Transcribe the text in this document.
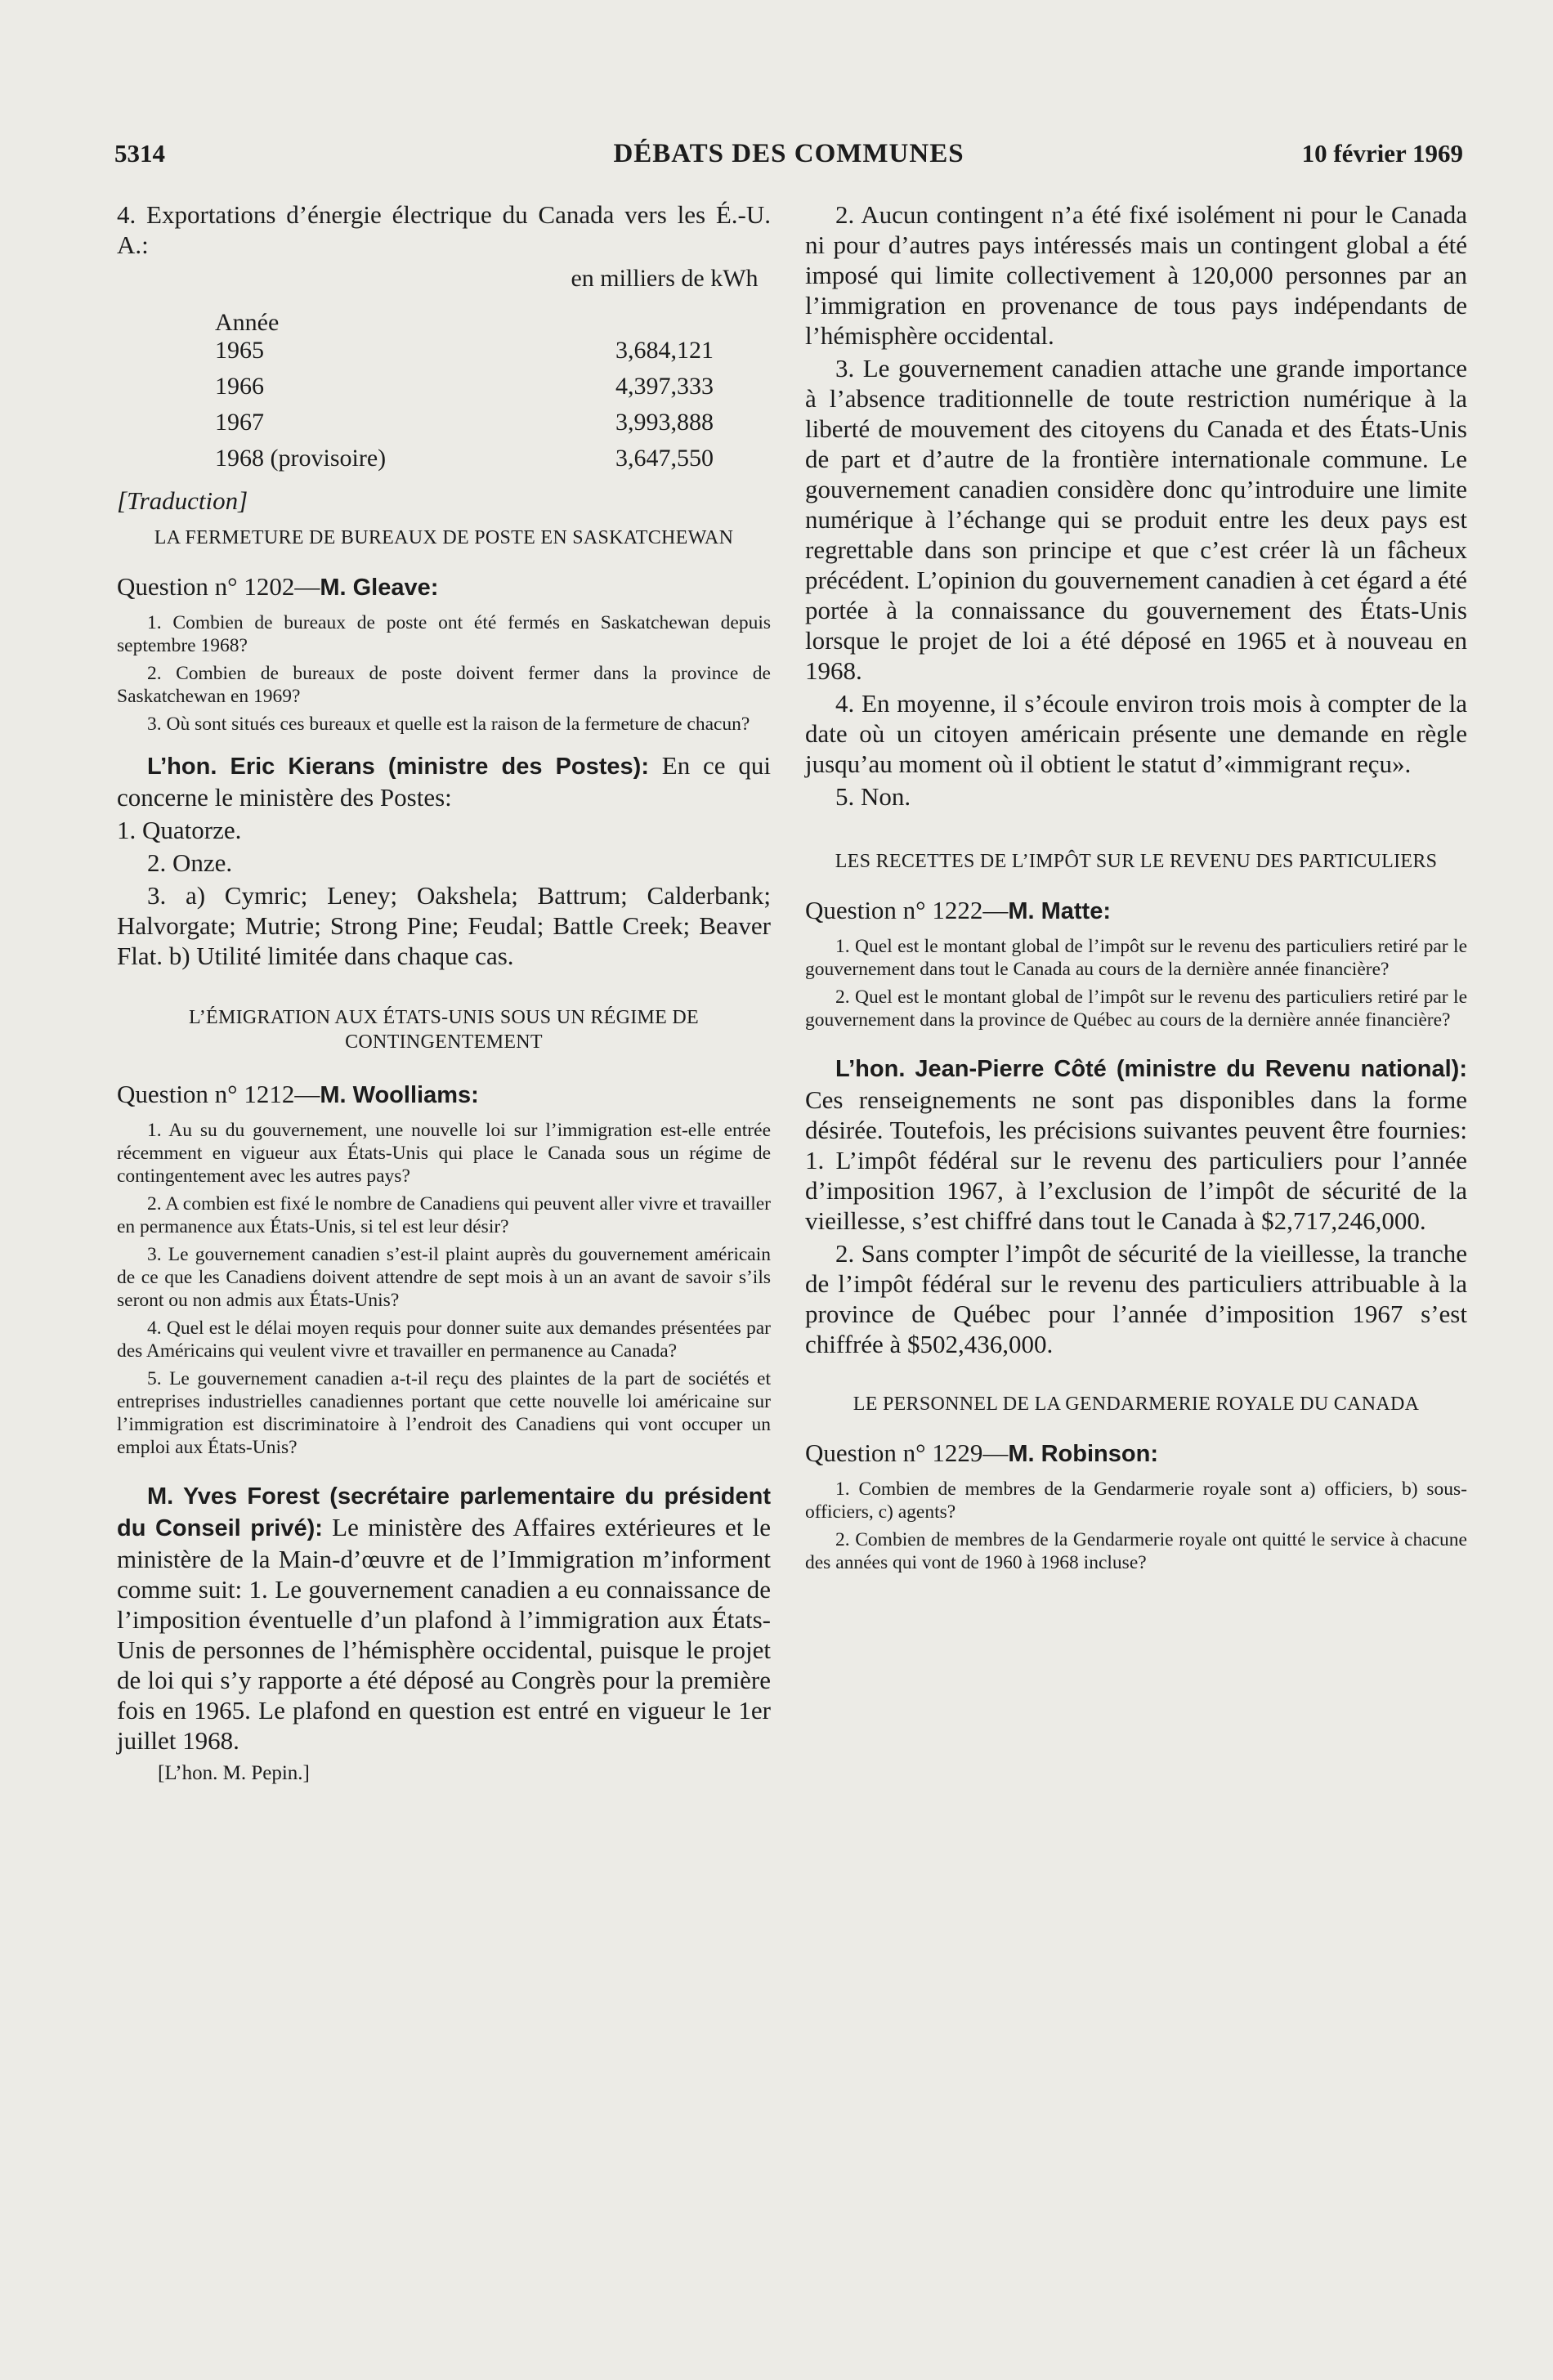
5314	DÉBATS DES COMMUNES	10 février 1969

4. Exportations d’énergie électrique du Canada vers les É.-U. A.:

		en milliers de kWh
	Année	
	1965	3,684,121
	1966	4,397,333
	1967	3,993,888
	1968 (provisoire)	3,647,550

[Traduction]

LA FERMETURE DE BUREAUX DE POSTE EN SASKATCHEWAN

Question n° 1202—M. Gleave:

1. Combien de bureaux de poste ont été fermés en Saskatchewan depuis septembre 1968?

2. Combien de bureaux de poste doivent fermer dans la province de Saskatchewan en 1969?

3. Où sont situés ces bureaux et quelle est la raison de la fermeture de chacun?

L’hon. Eric Kierans (ministre des Postes): En ce qui concerne le ministère des Postes:

1. Quatorze.

2. Onze.

3. a) Cymric; Leney; Oakshela; Battrum; Calderbank; Halvorgate; Mutrie; Strong Pine; Feudal; Battle Creek; Beaver Flat. b) Utilité limitée dans chaque cas.

L’ÉMIGRATION AUX ÉTATS-UNIS SOUS UN RÉGIME DE CONTINGENTEMENT

Question n° 1212—M. Woolliams:

1. Au su du gouvernement, une nouvelle loi sur l’immigration est-elle entrée récemment en vigueur aux États-Unis qui place le Canada sous un régime de contingentement avec les autres pays?

2. A combien est fixé le nombre de Canadiens qui peuvent aller vivre et travailler en permanence aux États-Unis, si tel est leur désir?

3. Le gouvernement canadien s’est-il plaint auprès du gouvernement américain de ce que les Canadiens doivent attendre de sept mois à un an avant de savoir s’ils seront ou non admis aux États-Unis?

4. Quel est le délai moyen requis pour donner suite aux demandes présentées par des Américains qui veulent vivre et travailler en permanence au Canada?

5. Le gouvernement canadien a-t-il reçu des plaintes de la part de sociétés et entreprises industrielles canadiennes portant que cette nouvelle loi américaine sur l’immigration est discriminatoire à l’endroit des Canadiens qui vont occuper un emploi aux États-Unis?

M. Yves Forest (secrétaire parlementaire du président du Conseil privé): Le ministère des Affaires extérieures et le ministère de la Main-d’œuvre et de l’Immigration m’informent comme suit: 1. Le gouvernement canadien a eu connaissance de l’imposition éventuelle d’un plafond à l’immigration aux États-Unis de personnes de l’hémisphère occidental, puisque le projet de loi qui s’y rapporte a été déposé au Congrès pour la première fois en 1965. Le plafond en question est entré en vigueur le 1er juillet 1968.

[L’hon. M. Pepin.]

2. Aucun contingent n’a été fixé isolément ni pour le Canada ni pour d’autres pays intéressés mais un contingent global a été imposé qui limite collectivement à 120,000 personnes par an l’immigration en provenance de tous pays indépendants de l’hémisphère occidental.

3. Le gouvernement canadien attache une grande importance à l’absence traditionnelle de toute restriction numérique à la liberté de mouvement des citoyens du Canada et des États-Unis de part et d’autre de la frontière internationale commune. Le gouvernement canadien considère donc qu’introduire une limite numérique à l’échange qui se produit entre les deux pays est regrettable dans son principe et que c’est créer là un fâcheux précédent. L’opinion du gouvernement canadien à cet égard a été portée à la connaissance du gouvernement des États-Unis lorsque le projet de loi a été déposé en 1965 et à nouveau en 1968.

4. En moyenne, il s’écoule environ trois mois à compter de la date où un citoyen américain présente une demande en règle jusqu’au moment où il obtient le statut d’«immigrant reçu».

5. Non.

LES RECETTES DE L’IMPÔT SUR LE REVENU DES PARTICULIERS

Question n° 1222—M. Matte:

1. Quel est le montant global de l’impôt sur le revenu des particuliers retiré par le gouvernement dans tout le Canada au cours de la dernière année financière?

2. Quel est le montant global de l’impôt sur le revenu des particuliers retiré par le gouvernement dans la province de Québec au cours de la dernière année financière?

L’hon. Jean-Pierre Côté (ministre du Revenu national): Ces renseignements ne sont pas disponibles dans la forme désirée. Toutefois, les précisions suivantes peuvent être fournies: 1. L’impôt fédéral sur le revenu des particuliers pour l’année d’imposition 1967, à l’exclusion de l’impôt de sécurité de la vieillesse, s’est chiffré dans tout le Canada à $2,717,246,000.

2. Sans compter l’impôt de sécurité de la vieillesse, la tranche de l’impôt fédéral sur le revenu des particuliers attribuable à la province de Québec pour l’année d’imposition 1967 s’est chiffrée à $502,436,000.

LE PERSONNEL DE LA GENDARMERIE ROYALE DU CANADA

Question n° 1229—M. Robinson:

1. Combien de membres de la Gendarmerie royale sont a) officiers, b) sous-officiers, c) agents?

2. Combien de membres de la Gendarmerie royale ont quitté le service à chacune des années qui vont de 1960 à 1968 incluse?
